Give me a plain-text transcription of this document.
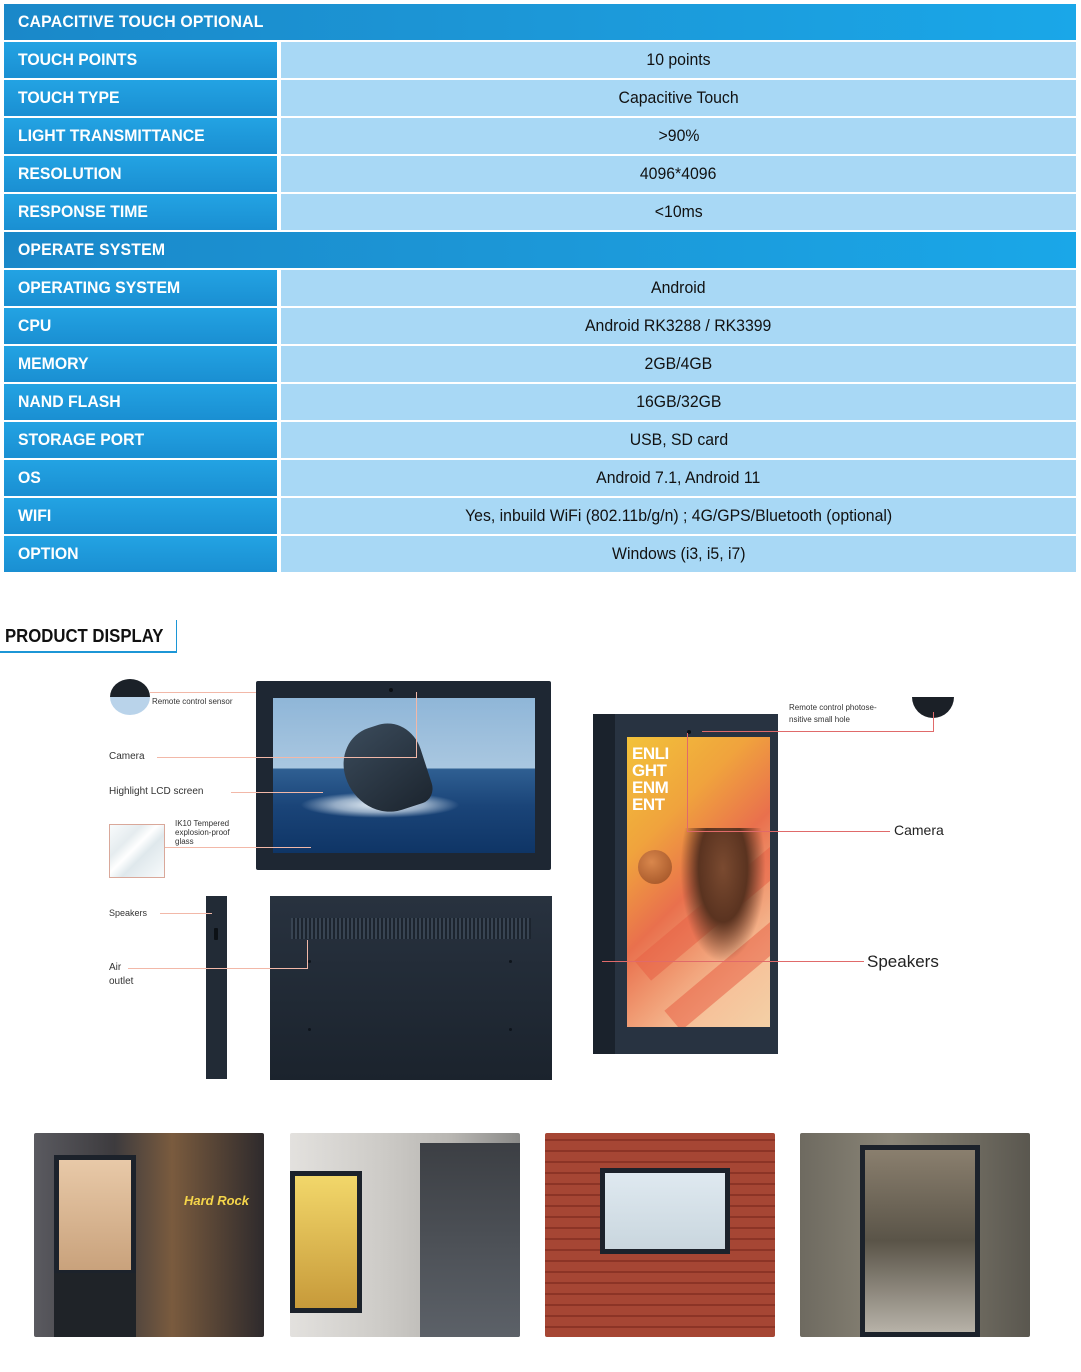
CAPACITIVE TOUCH OPTIONAL
TOUCH POINTS	10 points
TOUCH TYPE	Capacitive Touch
LIGHT TRANSMITTANCE	>90%
RESOLUTION	4096*4096
RESPONSE TIME	<10ms
OPERATE SYSTEM
OPERATING SYSTEM	Android
CPU	Android RK3288 / RK3399
MEMORY	2GB/4GB
NAND FLASH	16GB/32GB
STORAGE PORT	USB, SD card
OS	Android 7.1, Android 11
WIFI	Yes, inbuild WiFi (802.11b/g/n) ; 4G/GPS/Bluetooth (optional)
OPTION	Windows (i3, i5, i7)
PRODUCT DISPLAY
Remote control sensor
Camera
Highlight LCD screen
IK10 Tempered
explosion-proof
glass
Speakers
Air
outlet
ENLI
GHT
ENM
ENT
Remote control photose-
nsitive small hole
Camera
Speakers
Hard Rock
